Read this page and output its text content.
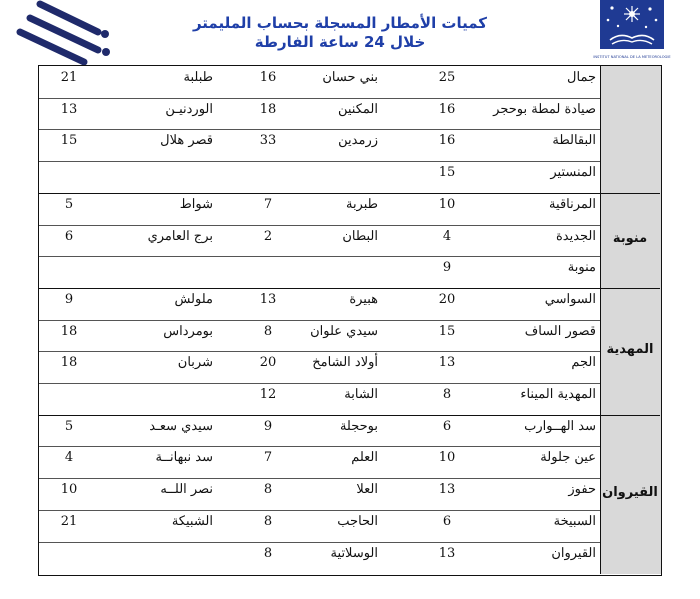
كميات الأمطار المسجلة بحساب المليمتر
خلال 24 ساعة الفارطة
INSTITUT NATIONAL DE LA METEOROLOGIE
جمال
25
بني حسان
16
طبلبة
21
صيادة لمطة بوحجر
16
المكنين
18
الوردنيـن
13
البقالطة
16
زرمدين
33
قصر هلال
15
المنستير
15
المرناقية
10
طبربة
7
شواط
5
الجديدة
4
البطان
2
برج العامري
6
منوبة
9
منوبة
السواسي
20
هبيرة
13
ملولش
9
قصور الساف
15
سيدي علوان
8
بومرداس
18
الجم
13
أولاد الشامخ
20
شربان
18
المهدية الميناء
8
الشابة
12
المهدية
سد الهــوارب
6
بوحجلة
9
سيدي سعـد
5
عين جلولة
10
العلم
7
سد نبهانــة
4
حفوز
13
العلا
8
نصر اللــه
10
السبيخة
6
الحاجب
8
الشبيكة
21
القيروان
13
الوسلاتية
8
القيروان
